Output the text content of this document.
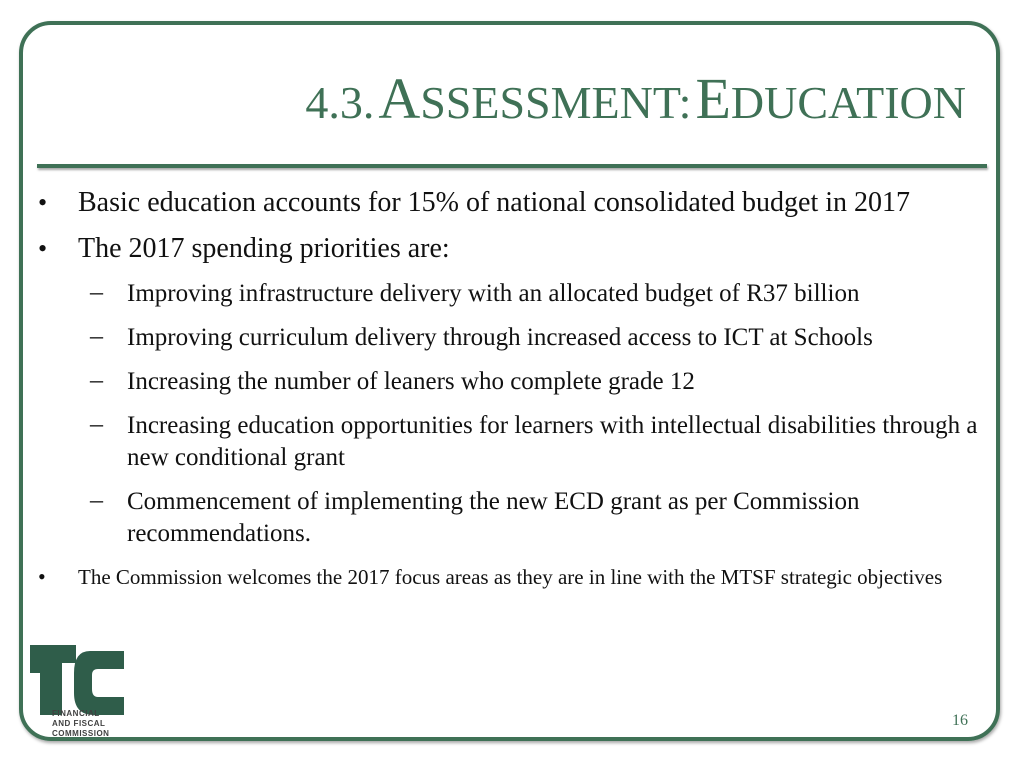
4.3. ASSESSMENT: EDUCATION
• Basic education accounts for 15% of national consolidated budget in 2017
• The 2017 spending priorities are:
– Improving infrastructure delivery with an allocated budget of R37 billion
– Improving curriculum delivery through increased access to ICT at Schools
– Increasing the number of leaners who complete grade 12
– Increasing education opportunities for learners with intellectual disabilities through a new conditional grant
– Commencement of implementing the new ECD grant as per Commission recommendations.
• The Commission welcomes the 2017 focus areas as they are in line with the MTSF strategic objectives
FINANCIAL
AND FISCAL
COMMISSION
16
